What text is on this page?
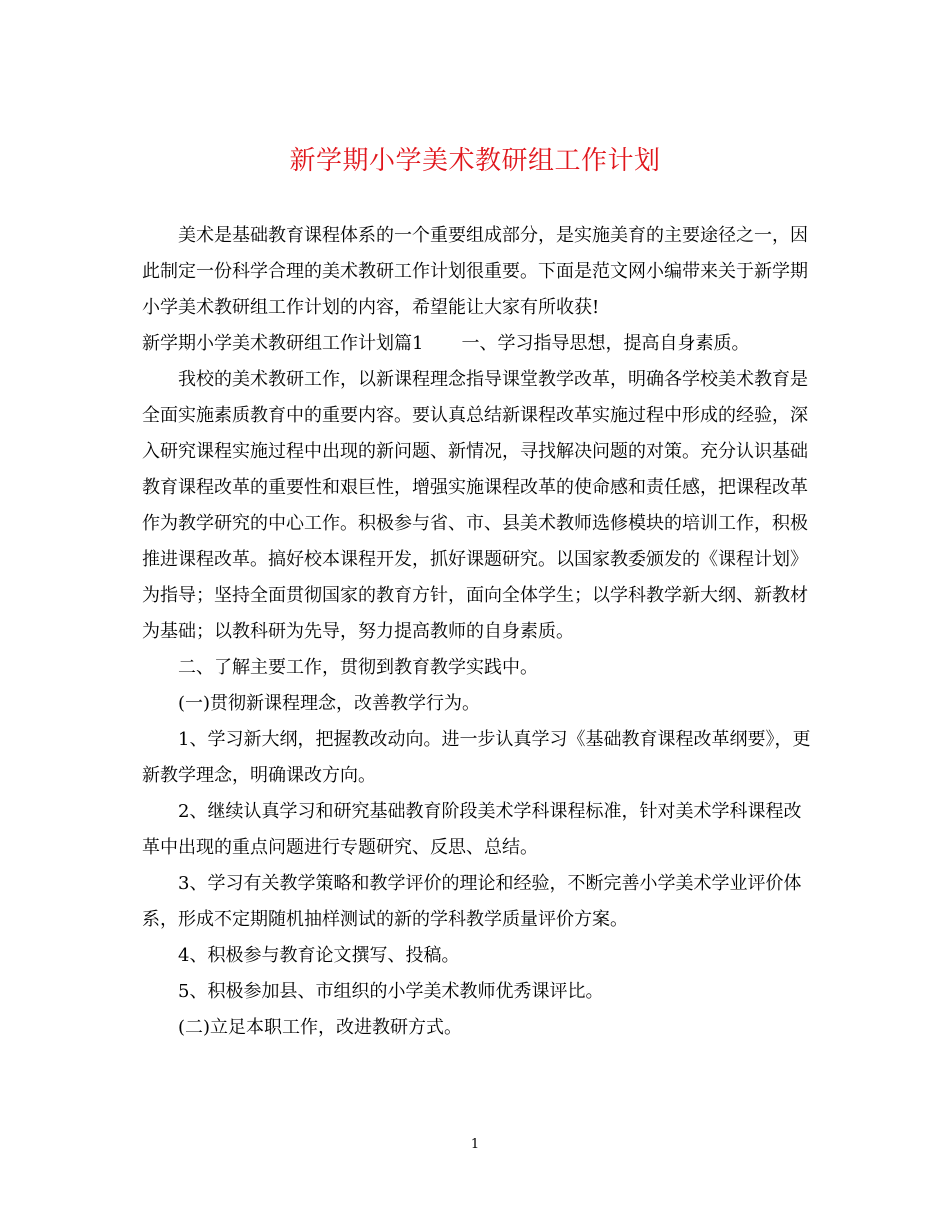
新学期小学美术教研组工作计划

美术是基础教育课程体系的一个重要组成部分，是实施美育的主要途径之一，因此制定一份科学合理的美术教研工作计划很重要。下面是范文网小编带来关于新学期小学美术教研组工作计划的内容，希望能让大家有所收获!

新学期小学美术教研组工作计划篇1 一、学习指导思想，提高自身素质。

我校的美术教研工作，以新课程理念指导课堂教学改革，明确各学校美术教育是全面实施素质教育中的重要内容。要认真总结新课程改革实施过程中形成的经验，深入研究课程实施过程中出现的新问题、新情况，寻找解决问题的对策。充分认识基础教育课程改革的重要性和艰巨性，增强实施课程改革的使命感和责任感，把课程改革作为教学研究的中心工作。积极参与省、市、县美术教师选修模块的培训工作，积极推进课程改革。搞好校本课程开发，抓好课题研究。以国家教委颁发的《课程计划》为指导；坚持全面贯彻国家的教育方针，面向全体学生；以学科教学新大纲、新教材为基础；以教科研为先导，努力提高教师的自身素质。

二、了解主要工作，贯彻到教育教学实践中。

(一)贯彻新课程理念，改善教学行为。

1、学习新大纲，把握教改动向。进一步认真学习《基础教育课程改革纲要》，更新教学理念，明确课改方向。

2、继续认真学习和研究基础教育阶段美术学科课程标准，针对美术学科课程改革中出现的重点问题进行专题研究、反思、总结。

3、学习有关教学策略和教学评价的理论和经验，不断完善小学美术学业评价体系，形成不定期随机抽样测试的新的学科教学质量评价方案。

4、积极参与教育论文撰写、投稿。

5、积极参加县、市组织的小学美术教师优秀课评比。

(二)立足本职工作，改进教研方式。

1
